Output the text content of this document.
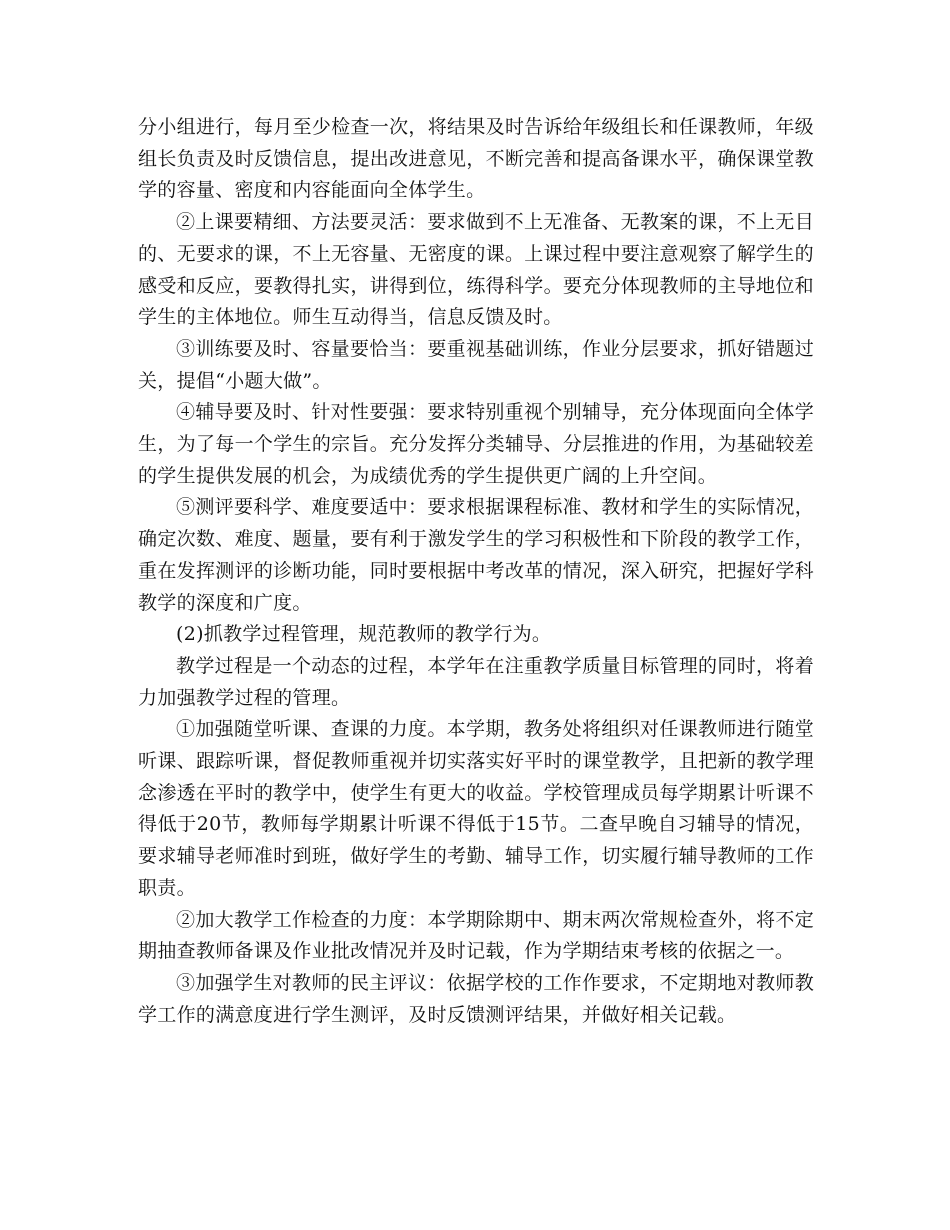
分小组进行，每月至少检查一次，将结果及时告诉给年级组长和任课教师，年级组长负责及时反馈信息，提出改进意见，不断完善和提高备课水平，确保课堂教学的容量、密度和内容能面向全体学生。

②上课要精细、方法要灵活：要求做到不上无准备、无教案的课，不上无目的、无要求的课，不上无容量、无密度的课。上课过程中要注意观察了解学生的感受和反应，要教得扎实，讲得到位，练得科学。要充分体现教师的主导地位和学生的主体地位。师生互动得当，信息反馈及时。

③训练要及时、容量要恰当：要重视基础训练，作业分层要求，抓好错题过关，提倡“小题大做”。

④辅导要及时、针对性要强：要求特别重视个别辅导，充分体现面向全体学生，为了每一个学生的宗旨。充分发挥分类辅导、分层推进的作用，为基础较差的学生提供发展的机会，为成绩优秀的学生提供更广阔的上升空间。

⑤测评要科学、难度要适中：要求根据课程标准、教材和学生的实际情况，确定次数、难度、题量，要有利于激发学生的学习积极性和下阶段的教学工作，重在发挥测评的诊断功能，同时要根据中考改革的情况，深入研究，把握好学科教学的深度和广度。

(2)抓教学过程管理，规范教师的教学行为。

教学过程是一个动态的过程，本学年在注重教学质量目标管理的同时，将着力加强教学过程的管理。

①加强随堂听课、查课的力度。本学期，教务处将组织对任课教师进行随堂听课、跟踪听课，督促教师重视并切实落实好平时的课堂教学，且把新的教学理念渗透在平时的教学中，使学生有更大的收益。学校管理成员每学期累计听课不得低于20节，教师每学期累计听课不得低于15节。二查早晚自习辅导的情况，要求辅导老师准时到班，做好学生的考勤、辅导工作，切实履行辅导教师的工作职责。

②加大教学工作检查的力度：本学期除期中、期末两次常规检查外，将不定期抽查教师备课及作业批改情况并及时记载，作为学期结束考核的依据之一。

③加强学生对教师的民主评议：依据学校的工作作要求，不定期地对教师教学工作的满意度进行学生测评，及时反馈测评结果，并做好相关记载。
